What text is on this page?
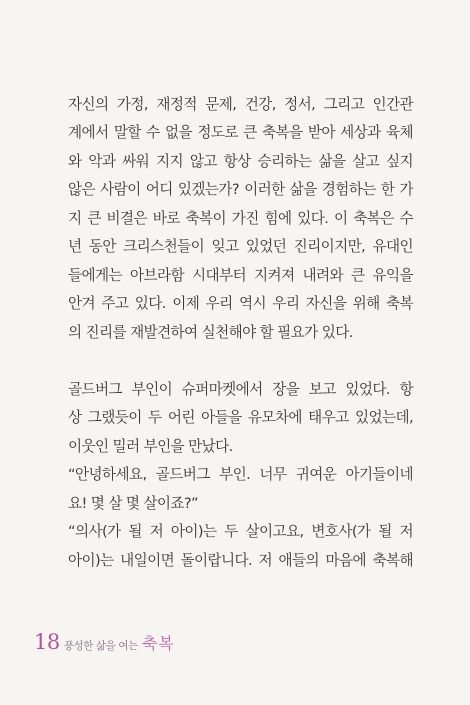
자신의 가정, 재정적 문제, 건강, 정서, 그리고 인간관
계에서 말할 수 없을 정도로 큰 축복을 받아 세상과 육체
와 악과 싸워 지지 않고 항상 승리하는 삶을 살고 싶지
않은 사람이 어디 있겠는가? 이러한 삶을 경험하는 한 가
지 큰 비결은 바로 축복이 가진 힘에 있다. 이 축복은 수
년 동안 크리스천들이 잊고 있었던 진리이지만, 유대인
들에게는 아브라함 시대부터 지켜져 내려와 큰 유익을
안겨 주고 있다. 이제 우리 역시 우리 자신을 위해 축복
의 진리를 재발견하여 실천해야 할 필요가 있다.
골드버그 부인이 슈퍼마켓에서 장을 보고 있었다. 항
상 그랬듯이 두 어린 아들을 유모차에 태우고 있었는데,
이웃인 밀러 부인을 만났다.
“안녕하세요, 골드버그 부인. 너무 귀여운 아기들이네
요! 몇 살 몇 살이죠?”
“의사(가 될 저 아이)는 두 살이고요, 변호사(가 될 저
아이)는 내일이면 돌이랍니다. 저 애들의 마음에 축복해
18 풍성한 삶을 여는 축복
